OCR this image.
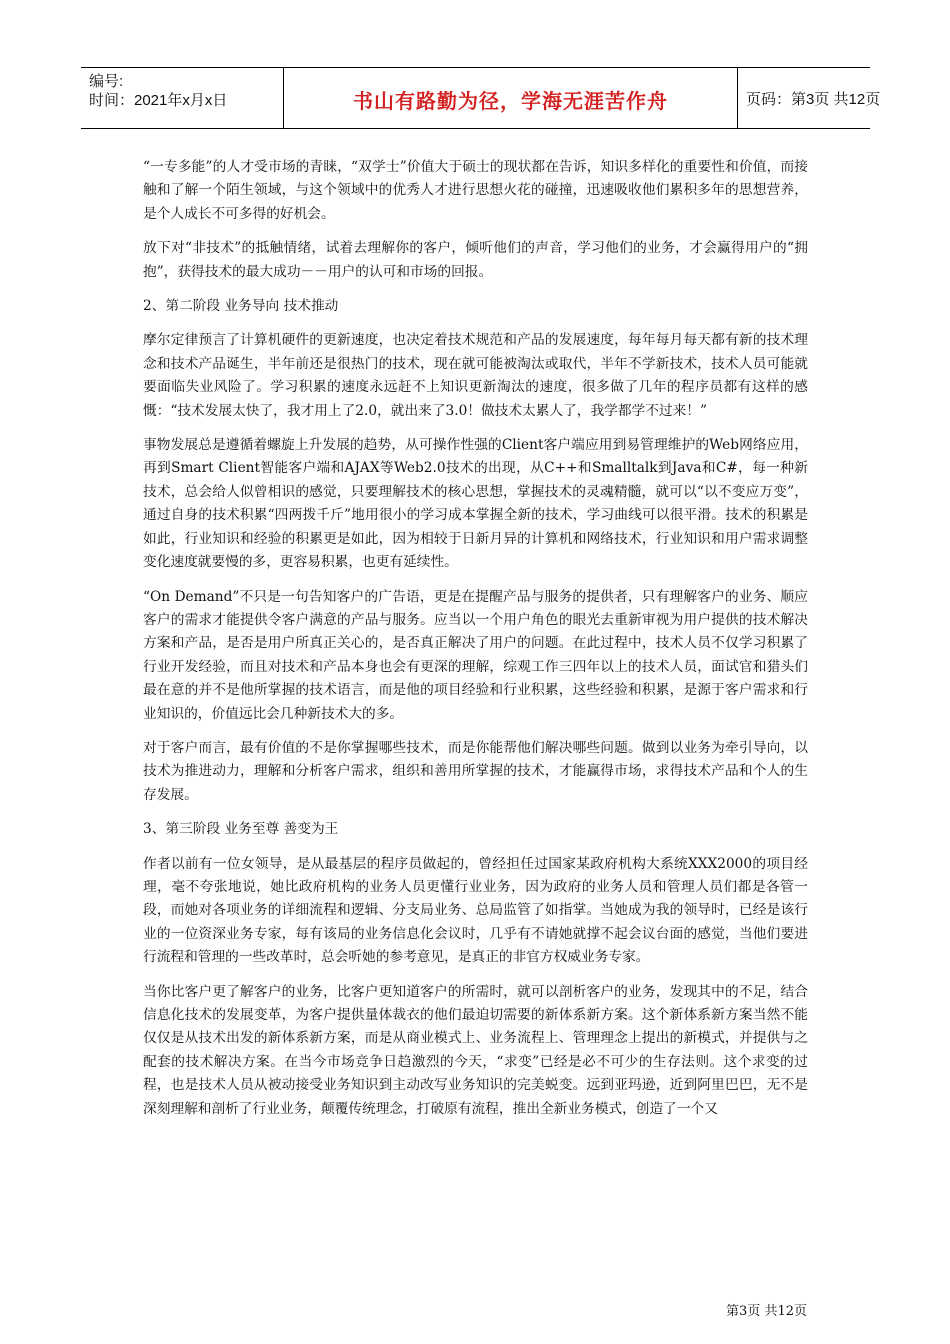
编号:
时间：2021年x月x日	书山有路勤为径，学海无涯苦作舟	页码：第3页 共12页

“一专多能”的人才受市场的青睐，“双学士”价值大于硕士的现状都在告诉，知识多样化的重要性和价值，而接触和了解一个陌生领域，与这个领域中的优秀人才进行思想火花的碰撞，迅速吸收他们累积多年的思想营养，是个人成长不可多得的好机会。

放下对“非技术”的抵触情绪，试着去理解你的客户，倾听他们的声音，学习他们的业务，才会赢得用户的“拥抱”，获得技术的最大成功－－用户的认可和市场的回报。

2、第二阶段 业务导向 技术推动

摩尔定律预言了计算机硬件的更新速度，也决定着技术规范和产品的发展速度，每年每月每天都有新的技术理念和技术产品诞生，半年前还是很热门的技术，现在就可能被淘汰或取代，半年不学新技术，技术人员可能就要面临失业风险了。学习积累的速度永远赶不上知识更新淘汰的速度，很多做了几年的程序员都有这样的感慨：“技术发展太快了，我才用上了2.0，就出来了3.0！做技术太累人了，我学都学不过来！”

事物发展总是遵循着螺旋上升发展的趋势，从可操作性强的Client客户端应用到易管理维护的Web网络应用，再到Smart Client智能客户端和AJAX等Web2.0技术的出现，从C++和Smalltalk到Java和C#，每一种新技术，总会给人似曾相识的感觉，只要理解技术的核心思想，掌握技术的灵魂精髓，就可以“以不变应万变”，通过自身的技术积累“四两拨千斤”地用很小的学习成本掌握全新的技术，学习曲线可以很平滑。技术的积累是如此，行业知识和经验的积累更是如此，因为相较于日新月异的计算机和网络技术，行业知识和用户需求调整变化速度就要慢的多，更容易积累，也更有延续性。

“On Demand”不只是一句告知客户的广告语，更是在提醒产品与服务的提供者，只有理解客户的业务、顺应客户的需求才能提供令客户满意的产品与服务。应当以一个用户角色的眼光去重新审视为用户提供的技术解决方案和产品，是否是用户所真正关心的，是否真正解决了用户的问题。在此过程中，技术人员不仅学习积累了行业开发经验，而且对技术和产品本身也会有更深的理解，综观工作三四年以上的技术人员，面试官和猎头们最在意的并不是他所掌握的技术语言，而是他的项目经验和行业积累，这些经验和积累，是源于客户需求和行业知识的，价值远比会几种新技术大的多。

对于客户而言，最有价值的不是你掌握哪些技术，而是你能帮他们解决哪些问题。做到以业务为牵引导向，以技术为推进动力，理解和分析客户需求，组织和善用所掌握的技术，才能赢得市场，求得技术产品和个人的生存发展。

3、第三阶段 业务至尊 善变为王

作者以前有一位女领导，是从最基层的程序员做起的，曾经担任过国家某政府机构大系统XXX2000的项目经理，毫不夸张地说，她比政府机构的业务人员更懂行业业务，因为政府的业务人员和管理人员们都是各管一段，而她对各项业务的详细流程和逻辑、分支局业务、总局监管了如指掌。当她成为我的领导时，已经是该行业的一位资深业务专家，每有该局的业务信息化会议时，几乎有不请她就撑不起会议台面的感觉，当他们要进行流程和管理的一些改革时，总会听她的参考意见，是真正的非官方权威业务专家。

当你比客户更了解客户的业务，比客户更知道客户的所需时，就可以剖析客户的业务，发现其中的不足，结合信息化技术的发展变革，为客户提供量体裁衣的他们最迫切需要的新体系新方案。这个新体系新方案当然不能仅仅是从技术出发的新体系新方案，而是从商业模式上、业务流程上、管理理念上提出的新模式，并提供与之配套的技术解决方案。在当今市场竞争日趋激烈的今天，“求变”已经是必不可少的生存法则。这个求变的过程，也是技术人员从被动接受业务知识到主动改写业务知识的完美蜕变。远到亚玛逊，近到阿里巴巴，无不是深刻理解和剖析了行业业务，颠覆传统理念，打破原有流程，推出全新业务模式，创造了一个又

第3页 共12页
